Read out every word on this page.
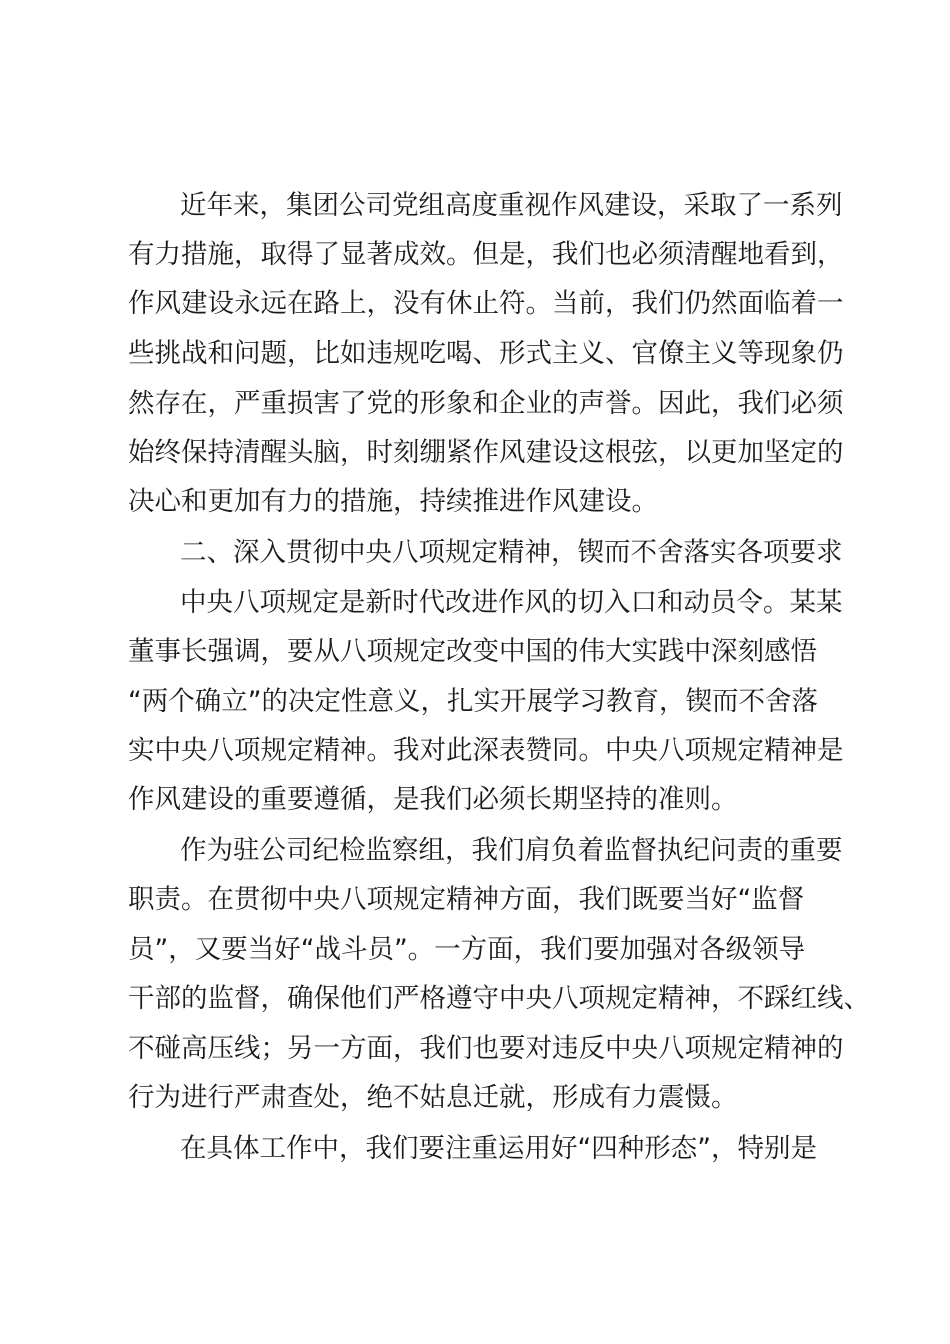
近年来，集团公司党组高度重视作风建设，采取了一系列
有力措施，取得了显著成效。但是，我们也必须清醒地看到，
作风建设永远在路上，没有休止符。当前，我们仍然面临着一
些挑战和问题，比如违规吃喝、形式主义、官僚主义等现象仍
然存在，严重损害了党的形象和企业的声誉。因此，我们必须
始终保持清醒头脑，时刻绷紧作风建设这根弦，以更加坚定的
决心和更加有力的措施，持续推进作风建设。
二、深入贯彻中央八项规定精神，锲而不舍落实各项要求
中央八项规定是新时代改进作风的切入口和动员令。某某
董事长强调，要从八项规定改变中国的伟大实践中深刻感悟
“两个确立”的决定性意义，扎实开展学习教育，锲而不舍落
实中央八项规定精神。我对此深表赞同。中央八项规定精神是
作风建设的重要遵循，是我们必须长期坚持的准则。
作为驻公司纪检监察组，我们肩负着监督执纪问责的重要
职责。在贯彻中央八项规定精神方面，我们既要当好“监督
员”，又要当好“战斗员”。一方面，我们要加强对各级领导
干部的监督，确保他们严格遵守中央八项规定精神，不踩红线、
不碰高压线；另一方面，我们也要对违反中央八项规定精神的
行为进行严肃查处，绝不姑息迁就，形成有力震慑。
在具体工作中，我们要注重运用好“四种形态”，特别是
